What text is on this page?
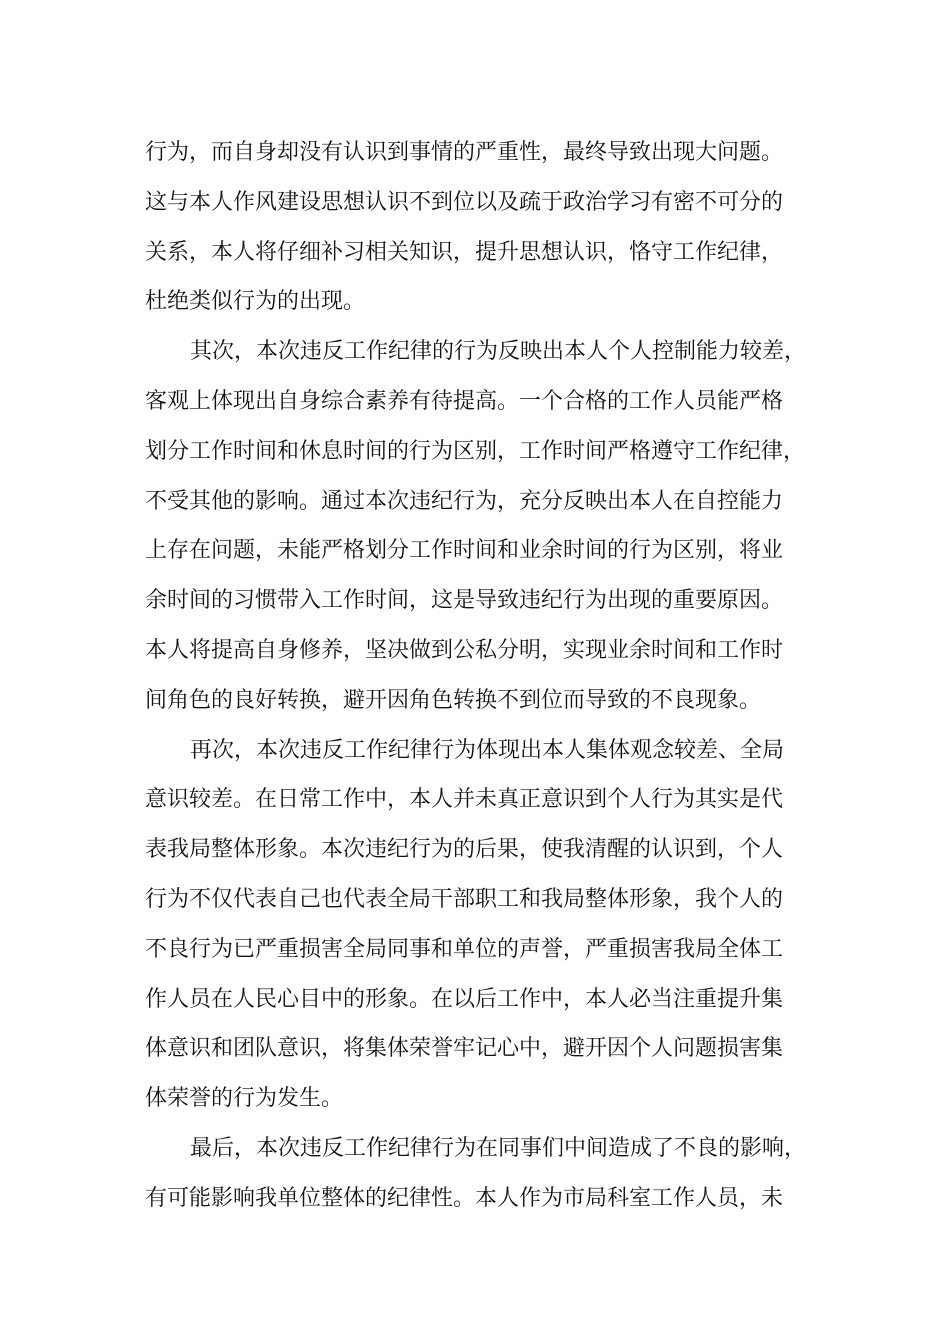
行为，而自身却没有认识到事情的严重性，最终导致出现大问题。
这与本人作风建设思想认识不到位以及疏于政治学习有密不可分的
关系，本人将仔细补习相关知识，提升思想认识，恪守工作纪律，
杜绝类似行为的出现。
其次，本次违反工作纪律的行为反映出本人个人控制能力较差，
客观上体现出自身综合素养有待提高。一个合格的工作人员能严格
划分工作时间和休息时间的行为区别，工作时间严格遵守工作纪律，
不受其他的影响。通过本次违纪行为，充分反映出本人在自控能力
上存在问题，未能严格划分工作时间和业余时间的行为区别，将业
余时间的习惯带入工作时间，这是导致违纪行为出现的重要原因。
本人将提高自身修养，坚决做到公私分明，实现业余时间和工作时
间角色的良好转换，避开因角色转换不到位而导致的不良现象。
再次，本次违反工作纪律行为体现出本人集体观念较差、全局
意识较差。在日常工作中，本人并未真正意识到个人行为其实是代
表我局整体形象。本次违纪行为的后果，使我清醒的认识到，个人
行为不仅代表自己也代表全局干部职工和我局整体形象，我个人的
不良行为已严重损害全局同事和单位的声誉，严重损害我局全体工
作人员在人民心目中的形象。在以后工作中，本人必当注重提升集
体意识和团队意识，将集体荣誉牢记心中，避开因个人问题损害集
体荣誉的行为发生。
最后，本次违反工作纪律行为在同事们中间造成了不良的影响，
有可能影响我单位整体的纪律性。本人作为市局科室工作人员，未
